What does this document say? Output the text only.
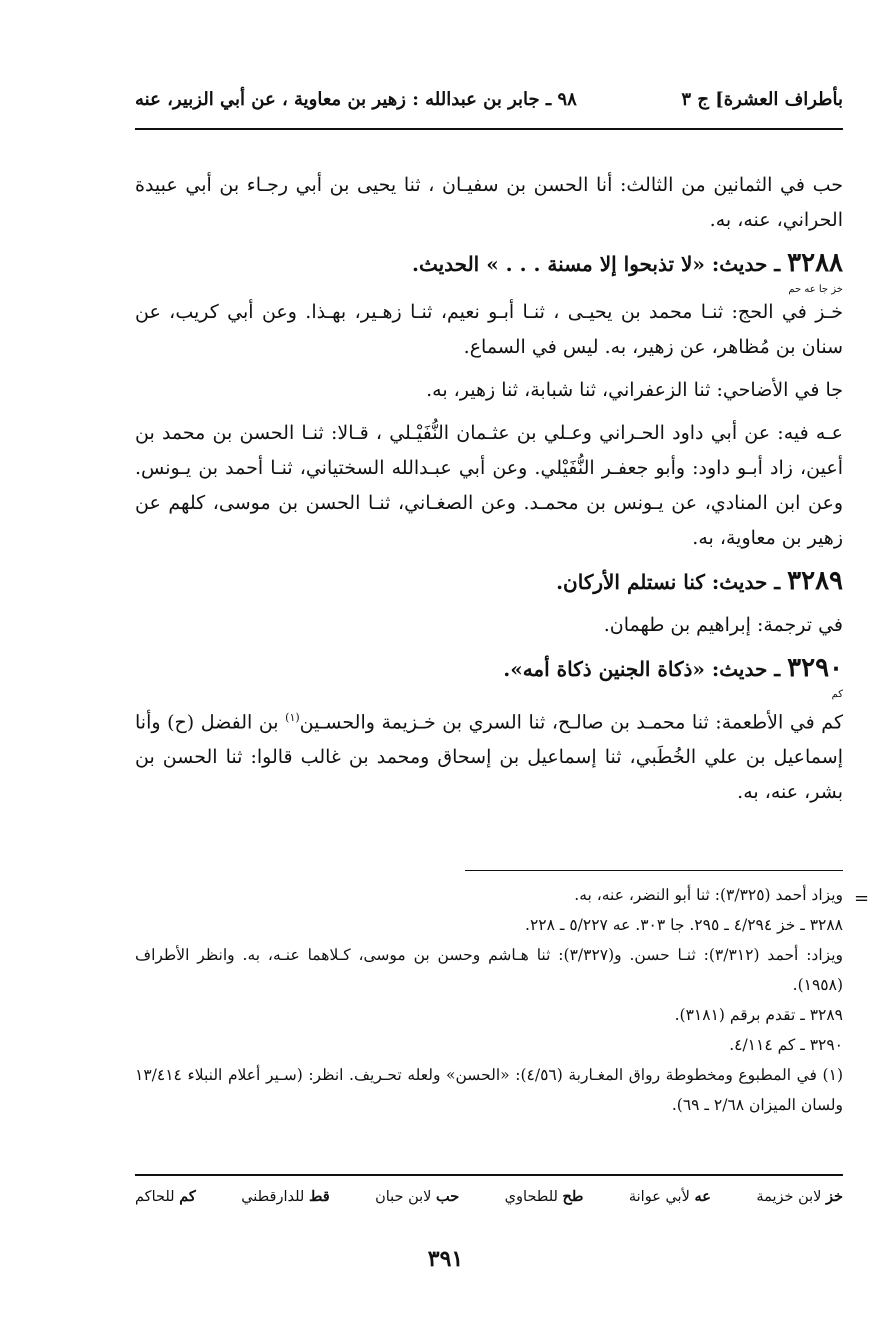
بأطراف العشرة] ج ٣
٩٨ ـ جابر بن عبدالله : زهير بن معاوية ، عن أبي الزبير، عنه

حب في الثمانين من الثالث: أنا الحسن بن سفيـان ، ثنا يحيى بن أبي رجـاء بن أبي عبيدة الحراني، عنه، به.

٣٢٨٨ ـ حديث: «لا تذبحوا إلا مسنة . . . » الحديث.
خز جا عه حم

خـز في الحج: ثنـا محمد بن يحيـى ، ثنـا أبـو نعيم، ثنـا زهـير، بهـذا. وعن أبي كريب، عن سنان بن مُظاهر، عن زهير، به. ليس في السماع.

جا في الأضاحي: ثنا الزعفراني، ثنا شبابة، ثنا زهير، به.

عـه فيه: عن أبي داود الحـراني وعـلي بن عثـمان النُّفَيْـلي ، قـالا: ثنـا الحسن بن محمد بن أعين، زاد أبـو داود: وأبو جعفـر النُّفَيْلي. وعن أبي عبـدالله السختياني، ثنـا أحمد بن يـونس. وعن ابن المنادي، عن يـونس بن محمـد. وعن الصغـاني، ثنـا الحسن بن موسى، كلهم عن زهير بن معاوية، به.

٣٢٨٩ ـ حديث: كنا نستلم الأركان.

في ترجمة: إبراهيم بن طهمان.

٣٢٩٠ ـ حديث: «ذكاة الجنين ذكاة أمه».
كم

كم في الأطعمة: ثنا محمـد بن صالـح، ثنا السري بن خـزيمة والحسـين$^{(١)}$ بن الفضل (ح) وأنا إسماعيل بن علي الخُطَبي، ثنا إسماعيل بن إسحاق ومحمد بن غالب قالوا: ثنا الحسن بن بشر، عنه، به.

=

ويزاد أحمد (٣/٣٢٥): ثنا أبو النضر، عنه، به.

٣٢٨٨ ـ خز ٤/٢٩٤ ـ ٢٩٥. جا ٣٠٣. عه ٥/٢٢٧ ـ ٢٢٨.

ويزاد: أحمد (٣/٣١٢): ثنـا حسن. و(٣/٣٢٧): ثنا هـاشم وحسن بن موسى، كـلاهما عنـه، به. وانظر الأطراف (١٩٥٨).

٣٢٨٩ ـ تقدم برقم (٣١٨١).

٣٢٩٠ ـ كم ٤/١١٤.

(١) في المطبوع ومخطوطة رواق المغـاربة (٤/٥٦): «الحسن» ولعله تحـريف. انظر: (سـير أعلام النبلاء ١٣/٤١٤ ولسان الميزان ٢/٦٨ ـ ٦٩).

خز لابن خزيمة
عه لأبي عوانة
طح للطحاوي
حب لابن حبان
قط للدارقطني
كم للحاكم
٣٩١
